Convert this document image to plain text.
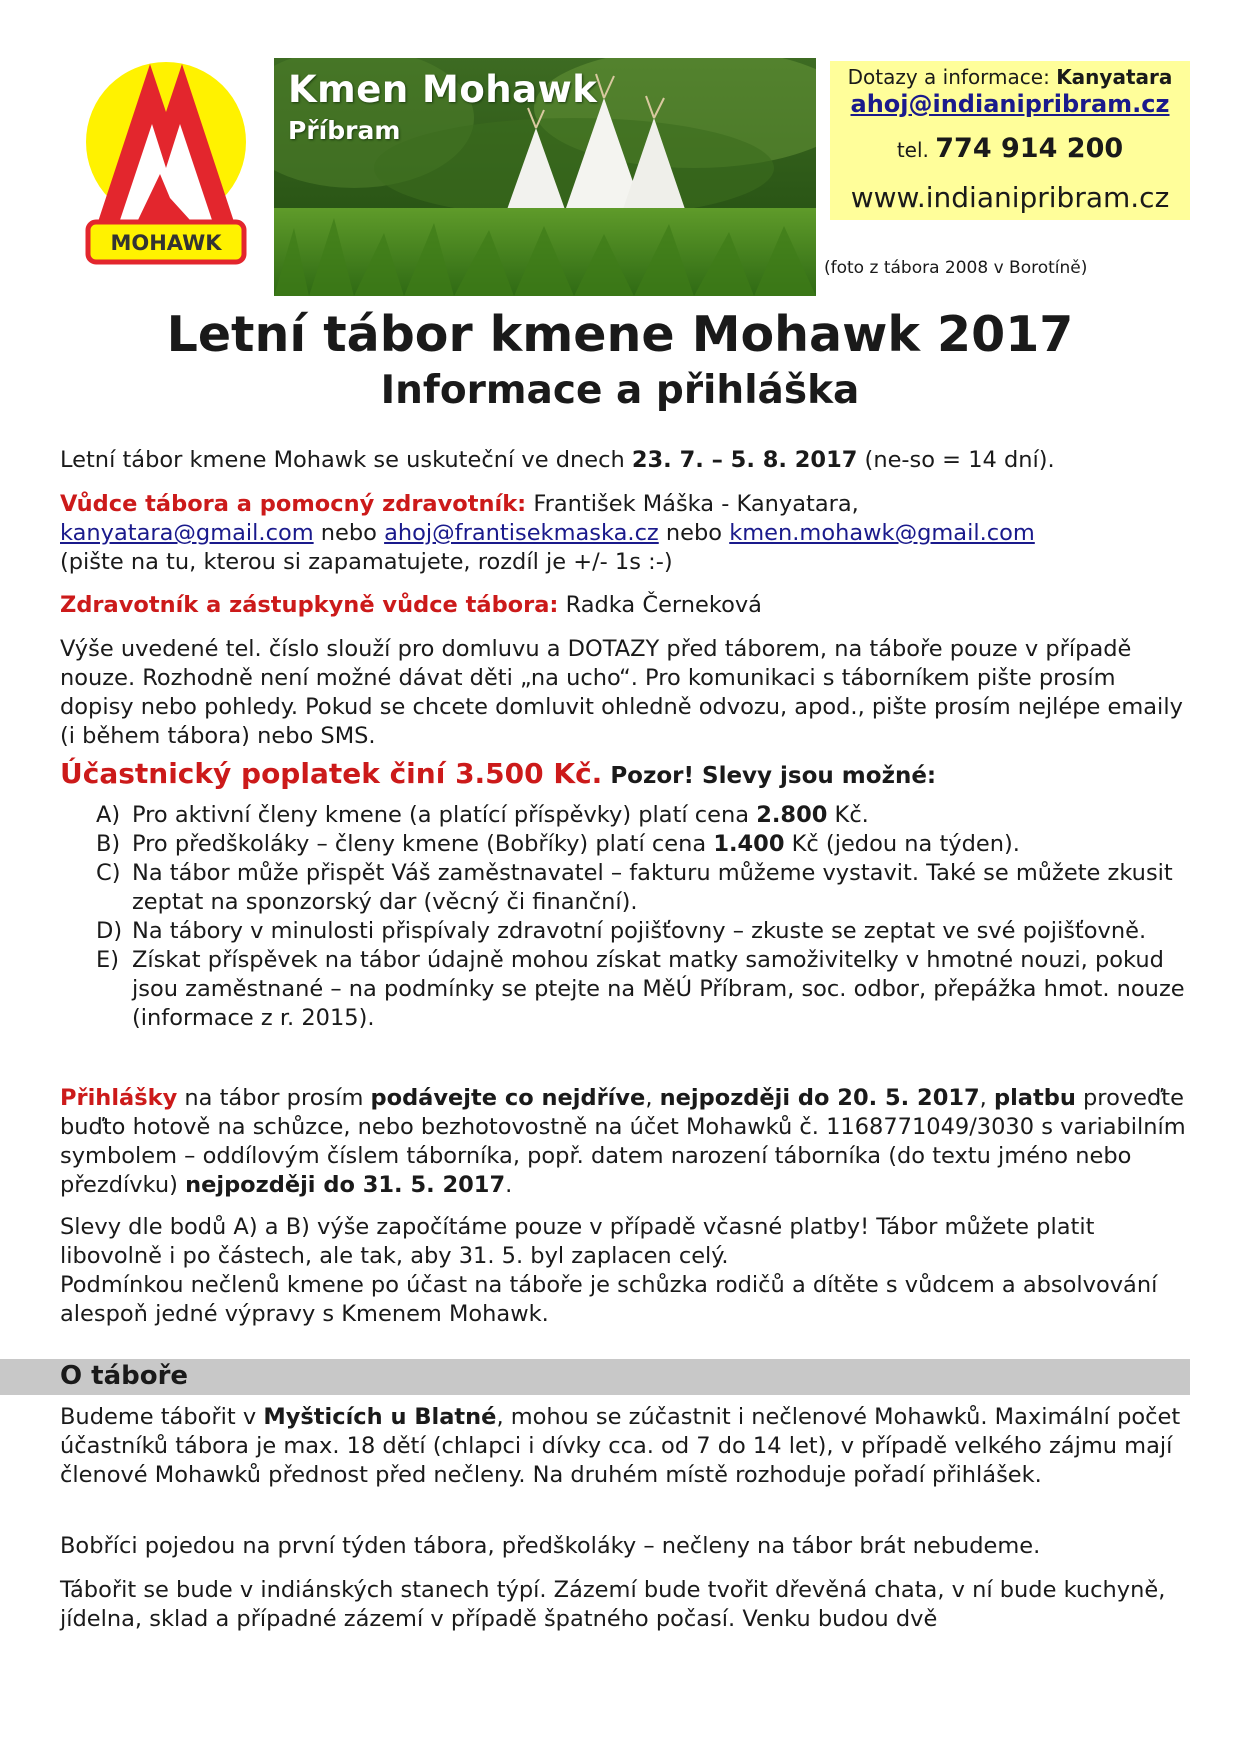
MOHAWK
Kmen Mohawk
Příbram
Dotazy a informace: Kanyatara
ahoj@indianipribram.cz
tel. 774 914 200
www.indianipribram.cz
(foto z tábora 2008 v Borotíně)
Letní tábor kmene Mohawk 2017
Informace a přihláška

Letní tábor kmene Mohawk se uskuteční ve dnech 23. 7. – 5. 8. 2017 (ne-so = 14 dní).

Vůdce tábora a pomocný zdravotník: František Máška - Kanyatara,
kanyatara@gmail.com nebo ahoj@frantisekmaska.cz nebo kmen.mohawk@gmail.com
(pište na tu, kterou si zapamatujete, rozdíl je +/- 1s :-)

Zdravotník a zástupkyně vůdce tábora: Radka Černeková

Výše uvedené tel. číslo slouží pro domluvu a DOTAZY před táborem, na táboře pouze v případě nouze. Rozhodně není možné dávat děti „na ucho“. Pro komunikaci s táborníkem pište prosím dopisy nebo pohledy. Pokud se chcete domluvit ohledně odvozu, apod., pište prosím nejlépe emaily (i během tábora) nebo SMS.

Účastnický poplatek činí 3.500 Kč. Pozor! Slevy jsou možné:

A) Pro aktivní členy kmene (a platící příspěvky) platí cena 2.800 Kč.
B) Pro předškoláky – členy kmene (Bobříky) platí cena 1.400 Kč (jedou na týden).
C) Na tábor může přispět Váš zaměstnavatel – fakturu můžeme vystavit. Také se můžete zkusit zeptat na sponzorský dar (věcný či finanční).
D) Na tábory v minulosti přispívaly zdravotní pojišťovny – zkuste se zeptat ve své pojišťovně.
E) Získat příspěvek na tábor údajně mohou získat matky samoživitelky v hmotné nouzi, pokud jsou zaměstnané – na podmínky se ptejte na MěÚ Příbram, soc. odbor, přepážka hmot. nouze (informace z r. 2015).

Přihlášky na tábor prosím podávejte co nejdříve, nejpozději do 20. 5. 2017, platbu proveďte buďto hotově na schůzce, nebo bezhotovostně na účet Mohawků č. 1168771049/3030 s variabilním symbolem – oddílovým číslem táborníka, popř. datem narození táborníka (do textu jméno nebo přezdívku) nejpozději do 31. 5. 2017.

Slevy dle bodů A) a B) výše započítáme pouze v případě včasné platby! Tábor můžete platit libovolně i po částech, ale tak, aby 31. 5. byl zaplacen celý.
Podmínkou nečlenů kmene po účast na táboře je schůzka rodičů a dítěte s vůdcem a absolvování alespoň jedné výpravy s Kmenem Mohawk.

O táboře

Budeme tábořit v Myšticích u Blatné, mohou se zúčastnit i nečlenové Mohawků. Maximální počet účastníků tábora je max. 18 dětí (chlapci i dívky cca. od 7 do 14 let), v případě velkého zájmu mají členové Mohawků přednost před nečleny. Na druhém místě rozhoduje pořadí přihlášek.

Bobříci pojedou na první týden tábora, předškoláky – nečleny na tábor brát nebudeme.

Tábořit se bude v indiánských stanech týpí. Zázemí bude tvořit dřevěná chata, v ní bude kuchyně, jídelna, sklad a případné zázemí v případě špatného počasí. Venku budou dvě
